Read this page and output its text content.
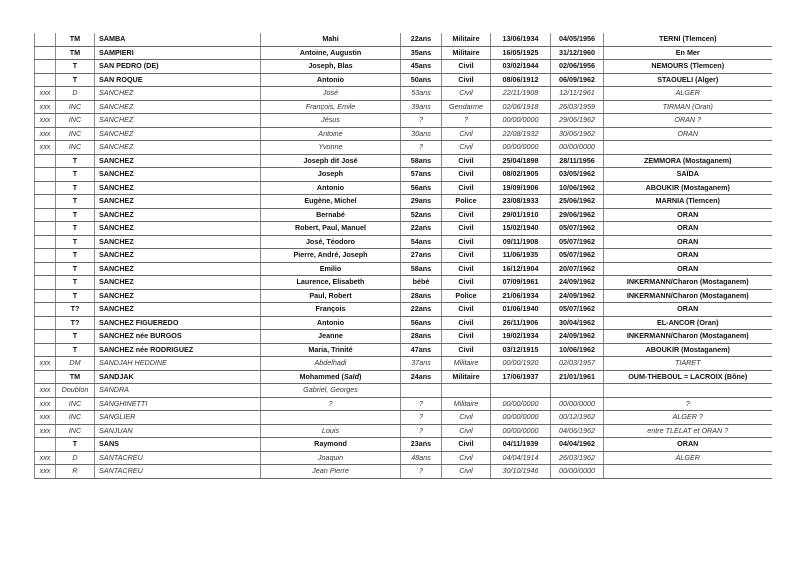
	TM	SAMBA	Mahi	22ans	Militaire	13/06/1934	04/05/1956	TERNI (Tlemcen)
	TM	SAMPIERI	Antoine, Augustin	35ans	Militaire	16/05/1925	31/12/1960	En Mer
	T	SAN PEDRO (DE)	Joseph, Blas	45ans	Civil	03/02/1944	02/06/1956	NEMOURS (Tlemcen)
	T	SAN ROQUE	Antonio	50ans	Civil	08/06/1912	06/09/1962	STAOUELI (Alger)
xxx	D	SANCHEZ	José	53ans	Civil	22/11/1908	12/11/1961	ALGER
xxx	INC	SANCHEZ	François, Emile	39ans	Gendarme	02/06/1918	26/03/1959	TIRMAN (Oran)
xxx	INC	SANCHEZ	Jésus	?	?	00/00/0000	29/06/1962	ORAN ?
xxx	INC	SANCHEZ	Antoine	30ans	Civil	22/08/1932	30/06/1962	ORAN
xxx	INC	SANCHEZ	Yvonne	?	Civil	00/00/0000	00/00/0000	
	T	SANCHEZ	Joseph dit José	58ans	Civil	25/04/1898	28/11/1956	ZEMMORA (Mostaganem)
	T	SANCHEZ	Joseph	57ans	Civil	08/02/1905	03/05/1962	SAÏDA
	T	SANCHEZ	Antonio	56ans	Civil	19/09/1906	10/06/1962	ABOUKIR (Mostaganem)
	T	SANCHEZ	Eugène, Michel	29ans	Police	23/08/1933	25/06/1962	MARNIA (Tlemcen)
	T	SANCHEZ	Bernabé	52ans	Civil	29/01/1910	29/06/1962	ORAN
	T	SANCHEZ	Robert, Paul, Manuel	22ans	Civil	15/02/1940	05/07/1962	ORAN
	T	SANCHEZ	José, Téodoro	54ans	Civil	09/11/1908	05/07/1962	ORAN
	T	SANCHEZ	Pierre, André, Joseph	27ans	Civil	11/06/1935	05/07/1962	ORAN
	T	SANCHEZ	Emilio	58ans	Civil	16/12/1904	20/07/1962	ORAN
	T	SANCHEZ	Laurence, Elisabeth	bébé	Civil	07/09/1961	24/09/1962	INKERMANN/Charon (Mostaganem)
	T	SANCHEZ	Paul, Robert	28ans	Police	21/06/1934	24/09/1962	INKERMANN/Charon (Mostaganem)
	T?	SANCHEZ	François	22ans	Civil	01/06/1940	05/07/1962	ORAN
	T?	SANCHEZ FIGUEREDO	Antonio	56ans	Civil	26/11/1906	30/04/1962	EL-ANCOR (Oran)
	T	SANCHEZ née BURGOS	Jeanne	28ans	Civil	19/02/1934	24/09/1962	INKERMANN/Charon (Mostaganem)
	T	SANCHEZ née RODRIGUEZ	Maria, Trinité	47ans	Civil	03/12/1915	10/06/1962	ABOUKIR (Mostaganem)
xxx	DM	SANDJAH HEDDINE	Abdelhadi	37ans	Militaire	00/00/1920	02/03/1957	TIARET
	TM	SANDJAK	Mohammed (Saïd)	24ans	Militaire	17/06/1937	21/01/1961	OUM-THEBOUL = LACROIX (Bône)
xxx	Doublon	SANDRA	Gabriel, Georges					
xxx	INC	SANGHINETTI	?	?	Militaire	00/00/0000	00/00/0000	?
xxx	INC	SANGLIER		?	Civil	00/00/0000	00/12/1962	ALGER ?
xxx	INC	SANJUAN	Louis	?	Civil	00/00/0000	04/06/1962	entre TLELAT et ORAN ?
	T	SANS	Raymond	23ans	Civil	04/11/1939	04/04/1962	ORAN
xxx	D	SANTACREU	Joaquin	48ans	Civil	04/04/1914	26/03/1962	ALGER
xxx	R	SANTACREU	Jean Pierre	?	Civil	30/10/1946	00/00/0000	
